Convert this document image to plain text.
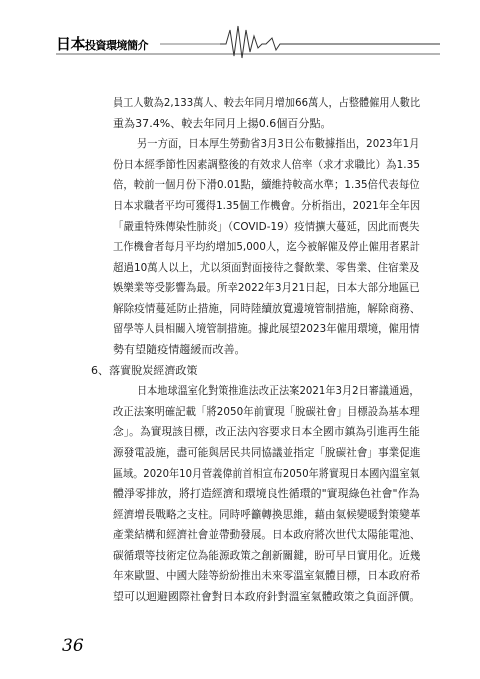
日本投資環境簡介
員工人數為2,133萬人、較去年同月增加66萬人，占整體僱用人數比
重為37.4%、較去年同月上揚0.6個百分點。
另一方面，日本厚生勞動省3月3日公布數據指出，2023年1月
份日本經季節性因素調整後的有效求人倍率（求才求職比）為1.35
倍，較前一個月份下滑0.01點，續維持較高水準；1.35倍代表每位
日本求職者平均可獲得1.35個工作機會。分析指出，2021年全年因
「嚴重特殊傳染性肺炎」（COVID-19）疫情擴大蔓延，因此而喪失
工作機會者每月平均約增加5,000人，迄今被解僱及停止僱用者累計
超過10萬人以上，尤以須面對面接待之餐飲業、零售業、住宿業及
娛樂業等受影響為最。所幸2022年3月21日起，日本大部分地區已
解除疫情蔓延防止措施，同時陸續放寬邊境管制措施，解除商務、
留學等人員相關入境管制措施。據此展望2023年僱用環境，僱用情
勢有望隨疫情趨緩而改善。
6、落實脫炭經濟政策
日本地球溫室化對策推進法改正法案2021年3月2日審議通過，
改正法案明確記載「將2050年前實現「脫碳社會」目標設為基本理
念」。為實現該目標，改正法內容要求日本全國市鎮為引進再生能
源發電設施，盡可能與居民共同協議並指定「脫碳社會」事業促進
區域。2020年10月菅義偉前首相宣布2050年將實現日本國內溫室氣
體淨零排放，將打造經濟和環境良性循環的"實現綠色社會"作為
經濟增長戰略之支柱。同時呼籲轉換思維，藉由氣候變暖對策變革
產業結構和經濟社會並帶動發展。日本政府將次世代太陽能電池、
碳循環等技術定位為能源政策之創新關鍵，盼可早日實用化。近幾
年來歐盟、中國大陸等紛紛推出未來零溫室氣體目標，日本政府希
望可以迴避國際社會對日本政府針對溫室氣體政策之負面評價。
36
